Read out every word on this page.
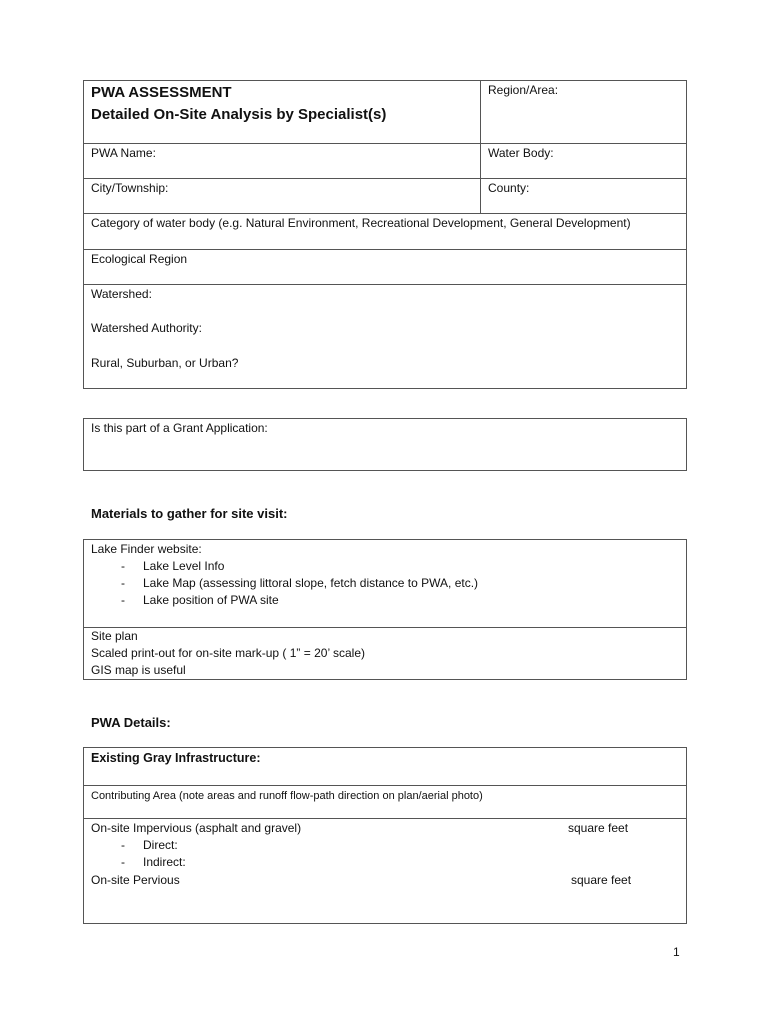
PWA ASSESSMENT
Detailed On-Site Analysis by Specialist(s)
Region/Area:
PWA Name:	Water Body:
City/Township:	County:
Category of water body (e.g. Natural Environment, Recreational Development, General Development)
Ecological Region
Watershed:
Watershed Authority:
Rural, Suburban, or Urban?
Is this part of a Grant Application:
Materials to gather for site visit:
Lake Finder website:
- Lake Level Info
- Lake Map (assessing littoral slope, fetch distance to PWA, etc.)
- Lake position of PWA site
Site plan
Scaled print-out for on-site mark-up ( 1” = 20’ scale)
GIS map is useful
PWA Details:
Existing Gray Infrastructure:
Contributing Area (note areas and runoff flow-path direction on plan/aerial photo)
On-site Impervious (asphalt and gravel)	square feet
- Direct:
- Indirect:
On-site Pervious	square feet
1
